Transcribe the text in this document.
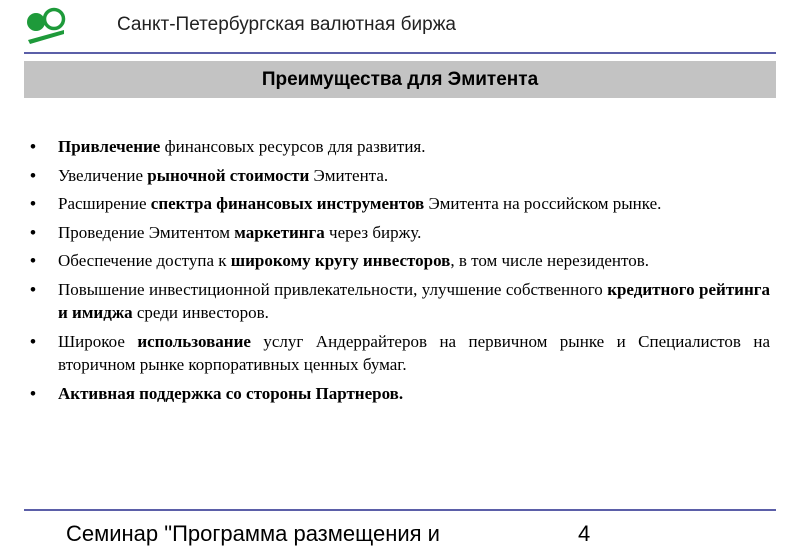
Санкт-Петербургская валютная биржа
Преимущества для Эмитента
• Привлечение финансовых ресурсов для развития.
• Увеличение рыночной стоимости Эмитента.
• Расширение спектра финансовых инструментов Эмитента на российском рынке.
• Проведение Эмитентом маркетинга через биржу.
• Обеспечение доступа к широкому кругу инвесторов, в том числе нерезидентов.
• Повышение инвестиционной привлекательности, улучшение собственного кредитного рейтинга и имиджа среди инвесторов.
• Широкое использование услуг Андеррайтеров на первичном рынке и Специалистов на вторичном рынке корпоративных ценных бумаг.
• Активная поддержка со стороны Партнеров.
Семинар "Программа размещения и	4
